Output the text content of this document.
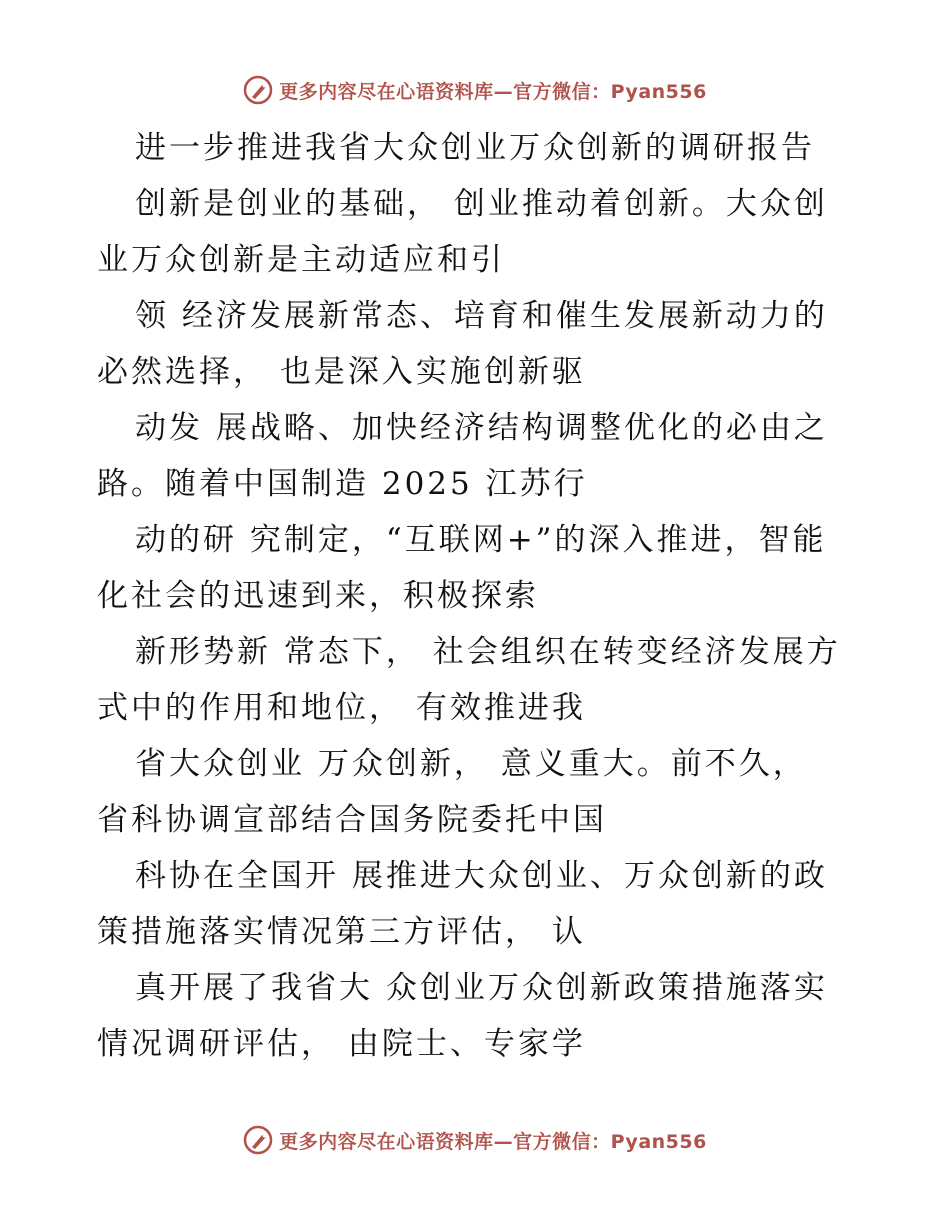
更多内容尽在心语资料库—官方微信：Pyan556
进一步推进我省大众创业万众创新的调研报告
创新是创业的基础， 创业推动着创新。大众创
业万众创新是主动适应和引
领 经济发展新常态、培育和催生发展新动力的
必然选择， 也是深入实施创新驱
动发 展战略、加快经济结构调整优化的必由之
路。随着中国制造 2025 江苏行
动的研 究制定，“互联网+”的深入推进，智能
化社会的迅速到来，积极探索
新形势新 常态下， 社会组织在转变经济发展方
式中的作用和地位， 有效推进我
省大众创业 万众创新， 意义重大。前不久，
省科协调宣部结合国务院委托中国
科协在全国开 展推进大众创业、万众创新的政
策措施落实情况第三方评估， 认
真开展了我省大 众创业万众创新政策措施落实
情况调研评估， 由院士、专家学
更多内容尽在心语资料库—官方微信：Pyan556
